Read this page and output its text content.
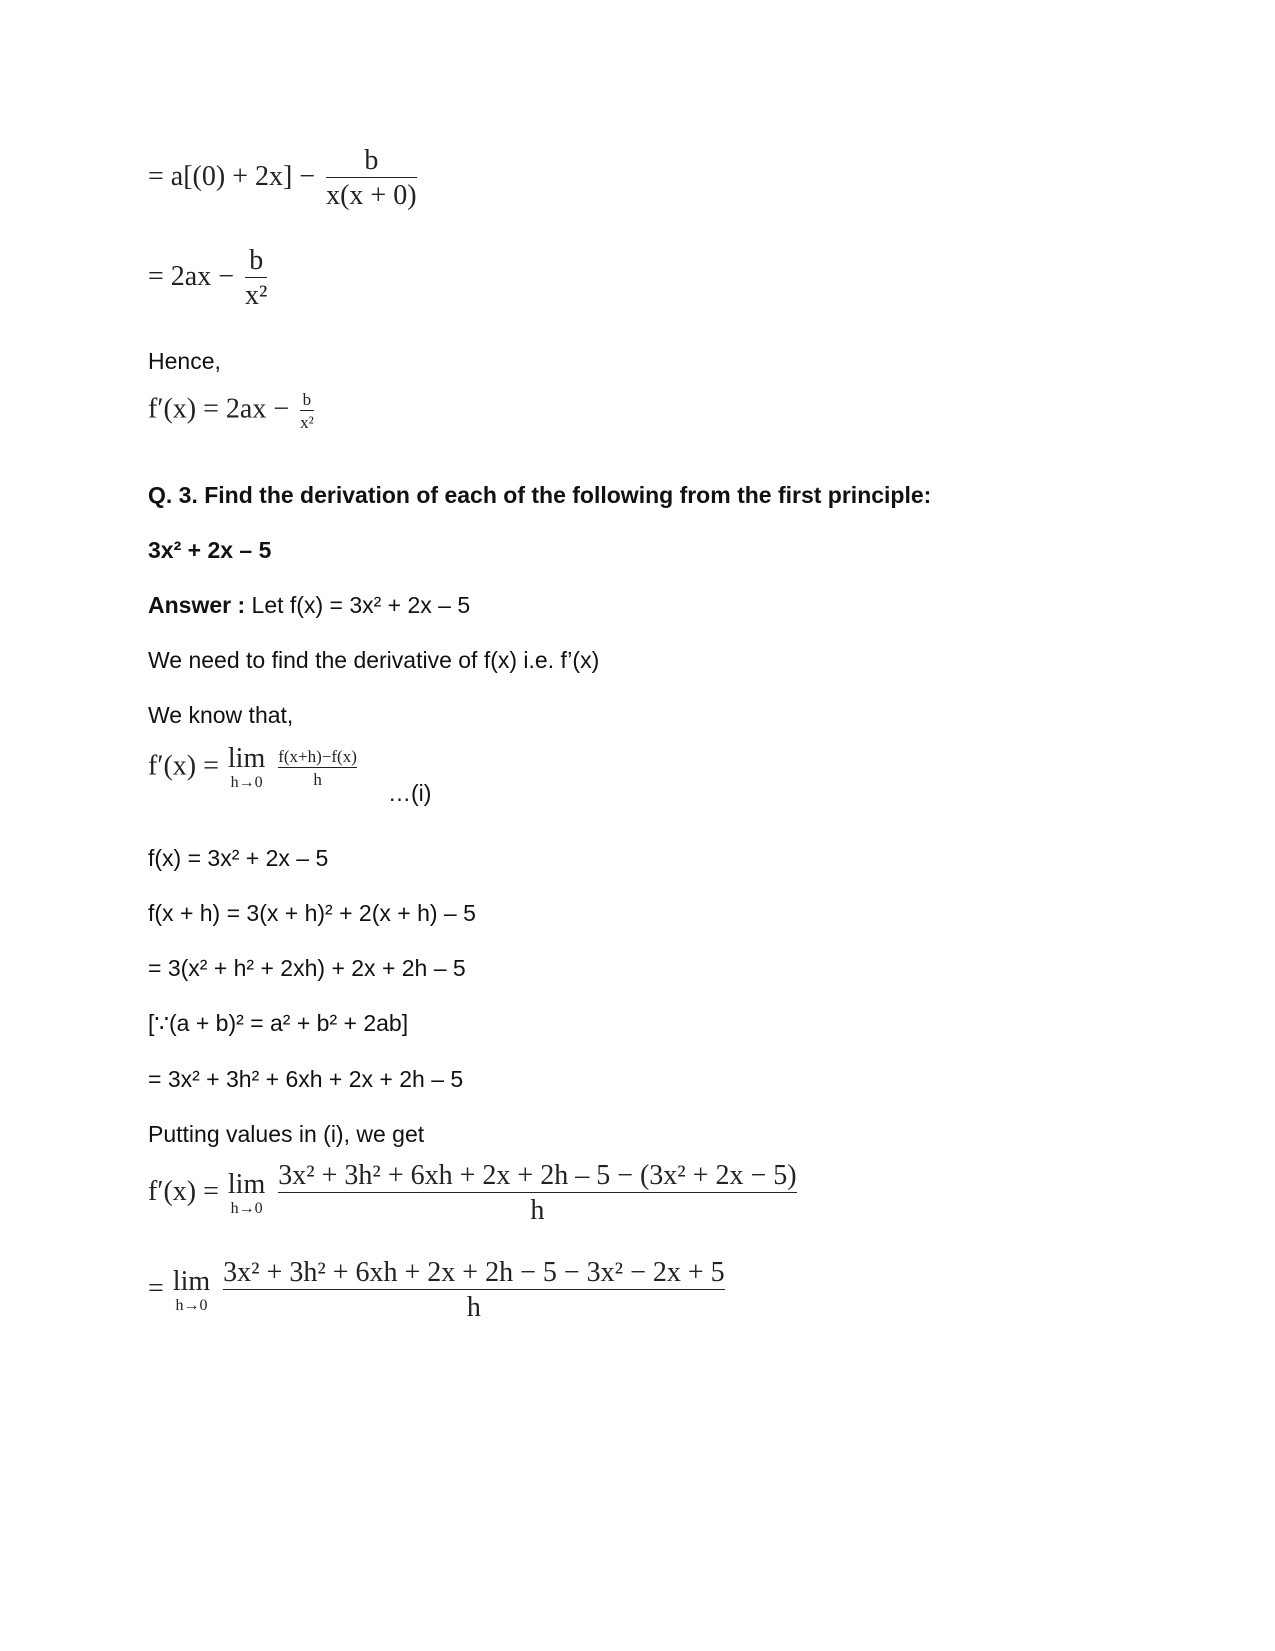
= $a[(0) + 2x] - \frac{b}{x(x + 0)}$
= $2ax - \frac{b}{\text{x²}}$
Hence,
$f'(x) = 2ax - \frac{b}{\text{x²}}$
Q. 3. Find the derivation of each of the following from the first principle:
3x² + 2x – 5
Answer : Let f(x) = 3x² + 2x – 5
We need to find the derivative of f(x) i.e. f’(x)
We know that,
f′(x) = lim
h→0
$\frac{f(x+h)-f(x)}{h}$
…(i)
f(x) = 3x² + 2x – 5
f(x + h) = 3(x + h)² + 2(x + h) – 5
= 3(x² + h² + 2xh) + 2x + 2h – 5
[∵(a + b)² = a² + b² + 2ab]
= 3x² + 3h² + 6xh + 2x + 2h – 5
Putting values in (i), we get
f′(x) = lim
h→0
$\frac{\text{3x² + 3h² + 6xh + 2x + 2h – 5 − (3x² + 2x − 5)}}{h}$
= lim
h→0
$\frac{\text{3x² + 3h² + 6xh + 2x + 2h − 5 − 3x² − 2x + 5}}{h}$
